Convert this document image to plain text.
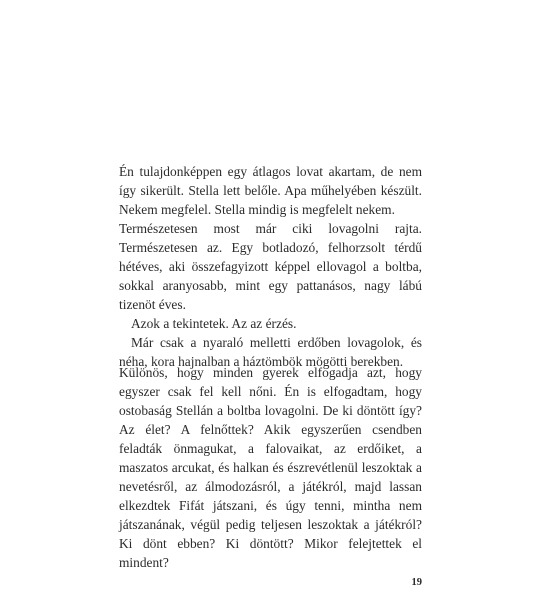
Én tulajdonképpen egy átlagos lovat akartam, de nem így sikerült. Stella lett belőle. Apa műhelyében készült. Nekem megfelel. Stella mindig is megfelelt nekem.

Természetesen most már ciki lovagolni rajta. Természetesen az. Egy botladozó, felhorzsolt térdű hétéves, aki összefagyizott képpel ellovagol a boltba, sokkal aranyosabb, mint egy pattanásos, nagy lábú tizenöt éves.

Azok a tekintetek. Az az érzés.

Már csak a nyaraló melletti erdőben lovagolok, és néha, kora hajnalban a háztömbök mögötti berekben.

Különös, hogy minden gyerek elfogadja azt, hogy egyszer csak fel kell nőni. Én is elfogadtam, hogy ostobaság Stellán a boltba lovagolni. De ki döntött így? Az élet? A felnőttek? Akik egyszerűen csendben feladták önmagukat, a falovaikat, az erdőiket, a maszatos arcukat, és halkan és észrevétlenül leszoktak a nevetésről, az álmodozásról, a játékról, majd lassan elkezdtek Fifát játszani, és úgy tenni, mintha nem játszanának, végül pedig teljesen leszoktak a játékról? Ki dönt ebben? Ki döntött? Mikor felejtettek el mindent?

19
